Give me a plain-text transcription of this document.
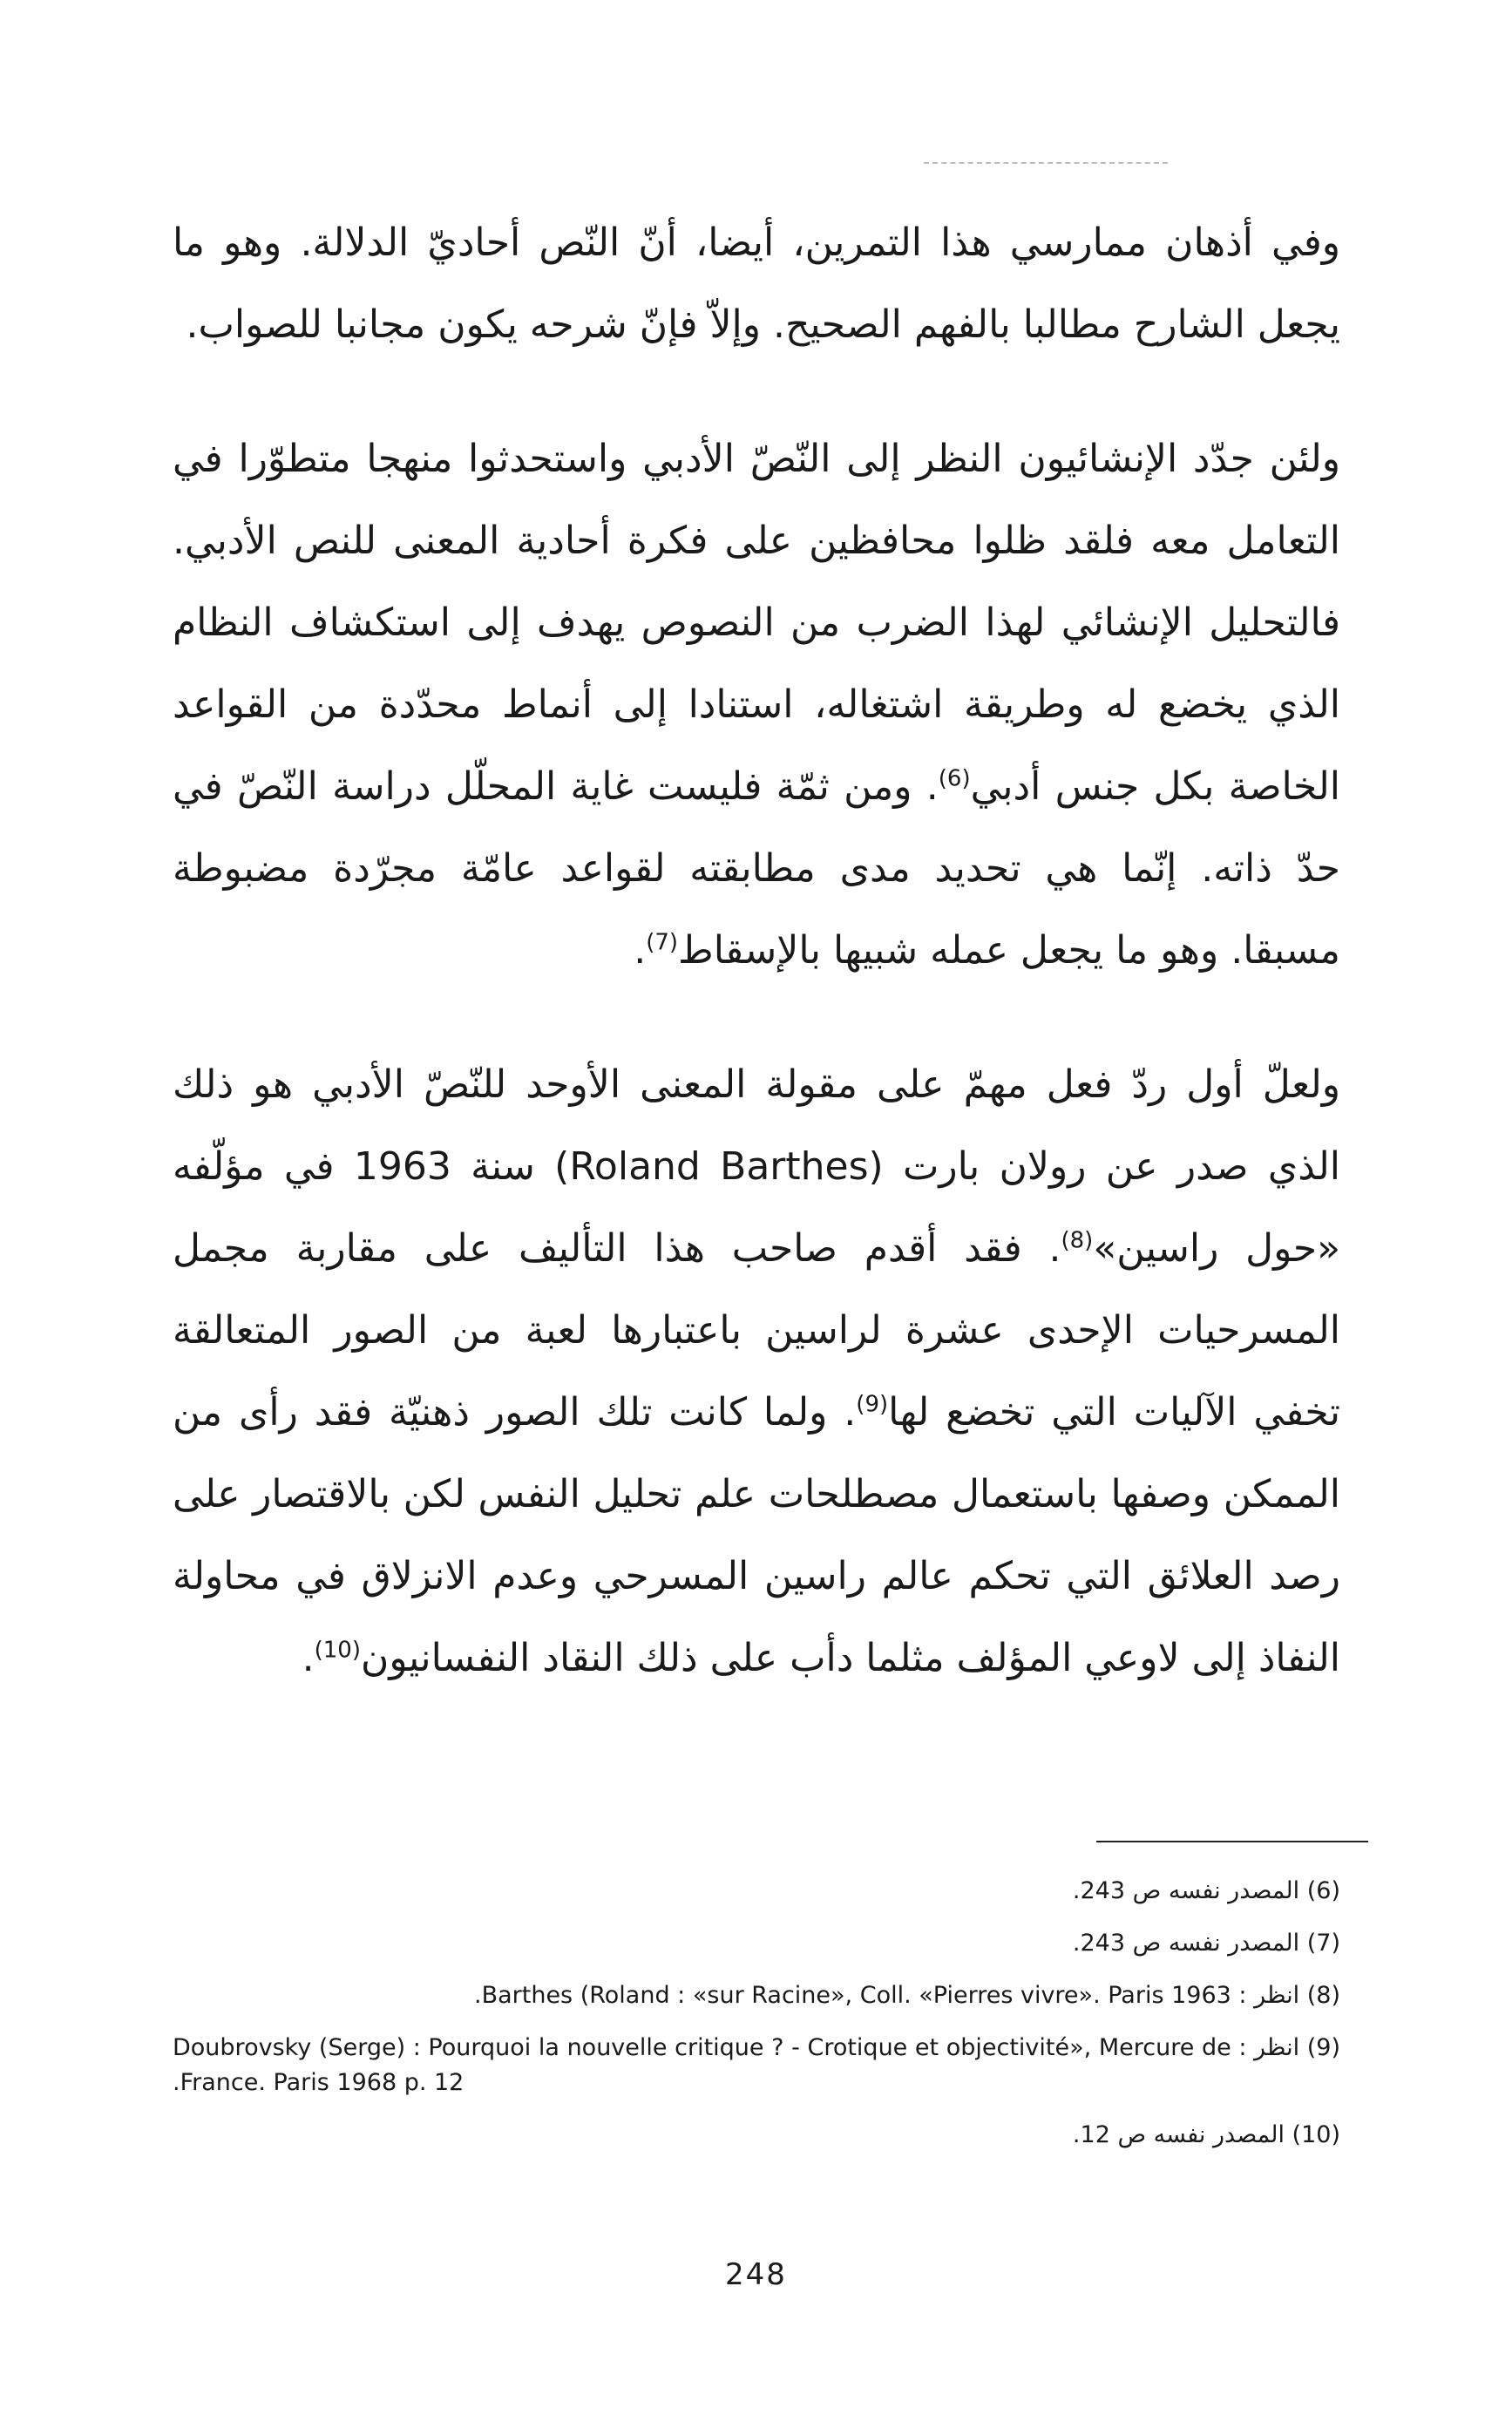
وفي أذهان ممارسي هذا التمرين، أيضا، أنّ النّص أحاديّ الدلالة. وهو ما يجعل الشارح مطالبا بالفهم الصحيح. وإلاّ فإنّ شرحه يكون مجانبا للصواب.

ولئن جدّد الإنشائيون النظر إلى النّصّ الأدبي واستحدثوا منهجا متطوّرا في التعامل معه فلقد ظلوا محافظين على فكرة أحادية المعنى للنص الأدبي. فالتحليل الإنشائي لهذا الضرب من النصوص يهدف إلى استكشاف النظام الذي يخضع له وطريقة اشتغاله، استنادا إلى أنماط محدّدة من القواعد الخاصة بكل جنس أدبي$^{(6)}$. ومن ثمّة فليست غاية المحلّل دراسة النّصّ في حدّ ذاته. إنّما هي تحديد مدى مطابقته لقواعد عامّة مجرّدة مضبوطة مسبقا. وهو ما يجعل عمله شبيها بالإسقاط$^{(7)}$.

ولعلّ أول ردّ فعل مهمّ على مقولة المعنى الأوحد للنّصّ الأدبي هو ذلك الذي صدر عن رولان بارت (Roland Barthes) سنة 1963 في مؤلّفه «حول راسين»$^{(8)}$. فقد أقدم صاحب هذا التأليف على مقاربة مجمل المسرحيات الإحدى عشرة لراسين باعتبارها لعبة من الصور المتعالقة تخفي الآليات التي تخضع لها$^{(9)}$. ولما كانت تلك الصور ذهنيّة فقد رأى من الممكن وصفها باستعمال مصطلحات علم تحليل النفس لكن بالاقتصار على رصد العلائق التي تحكم عالم راسين المسرحي وعدم الانزلاق في محاولة النفاذ إلى لاوعي المؤلف مثلما دأب على ذلك النقاد النفسانيون$^{(10)}$.

(6) المصدر نفسه ص 243.

(7) المصدر نفسه ص 243.

(8) انظر : Barthes (Roland : «sur Racine», Coll. «Pierres vivre». Paris 1963.

(9) انظر : Doubrovsky (Serge) : Pourquoi la nouvelle critique ? - Crotique et objectivité», Mercure de France. Paris 1968 p. 12.

(10) المصدر نفسه ص 12.

248
